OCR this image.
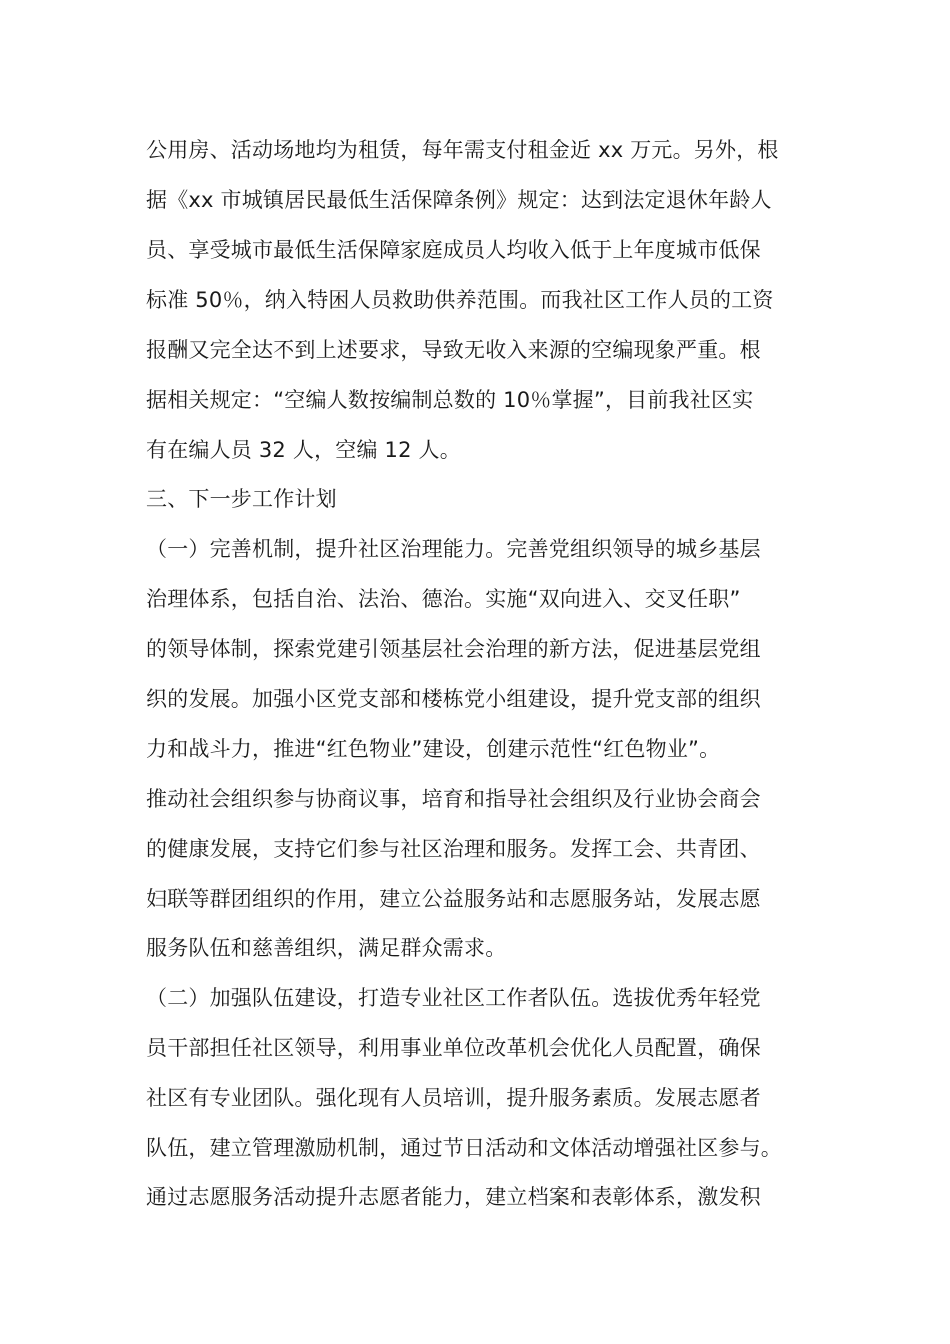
公用房、活动场地均为租赁，每年需支付租金近 xx 万元。另外，根
据《xx 市城镇居民最低生活保障条例》规定：达到法定退休年龄人
员、享受城市最低生活保障家庭成员人均收入低于上年度城市低保
标准 50％，纳入特困人员救助供养范围。而我社区工作人员的工资
报酬又完全达不到上述要求，导致无收入来源的空编现象严重。根
据相关规定：“空编人数按编制总数的 10％掌握”，目前我社区实
有在编人员 32 人，空编 12 人。
三、下一步工作计划
（一）完善机制，提升社区治理能力。完善党组织领导的城乡基层
治理体系，包括自治、法治、德治。实施“双向进入、交叉任职”
的领导体制，探索党建引领基层社会治理的新方法，促进基层党组
织的发展。加强小区党支部和楼栋党小组建设，提升党支部的组织
力和战斗力，推进“红色物业”建设，创建示范性“红色物业”。
推动社会组织参与协商议事，培育和指导社会组织及行业协会商会
的健康发展，支持它们参与社区治理和服务。发挥工会、共青团、
妇联等群团组织的作用，建立公益服务站和志愿服务站，发展志愿
服务队伍和慈善组织，满足群众需求。
（二）加强队伍建设，打造专业社区工作者队伍。选拔优秀年轻党
员干部担任社区领导，利用事业单位改革机会优化人员配置，确保
社区有专业团队。强化现有人员培训，提升服务素质。发展志愿者
队伍，建立管理激励机制，通过节日活动和文体活动增强社区参与。
通过志愿服务活动提升志愿者能力，建立档案和表彰体系，激发积
